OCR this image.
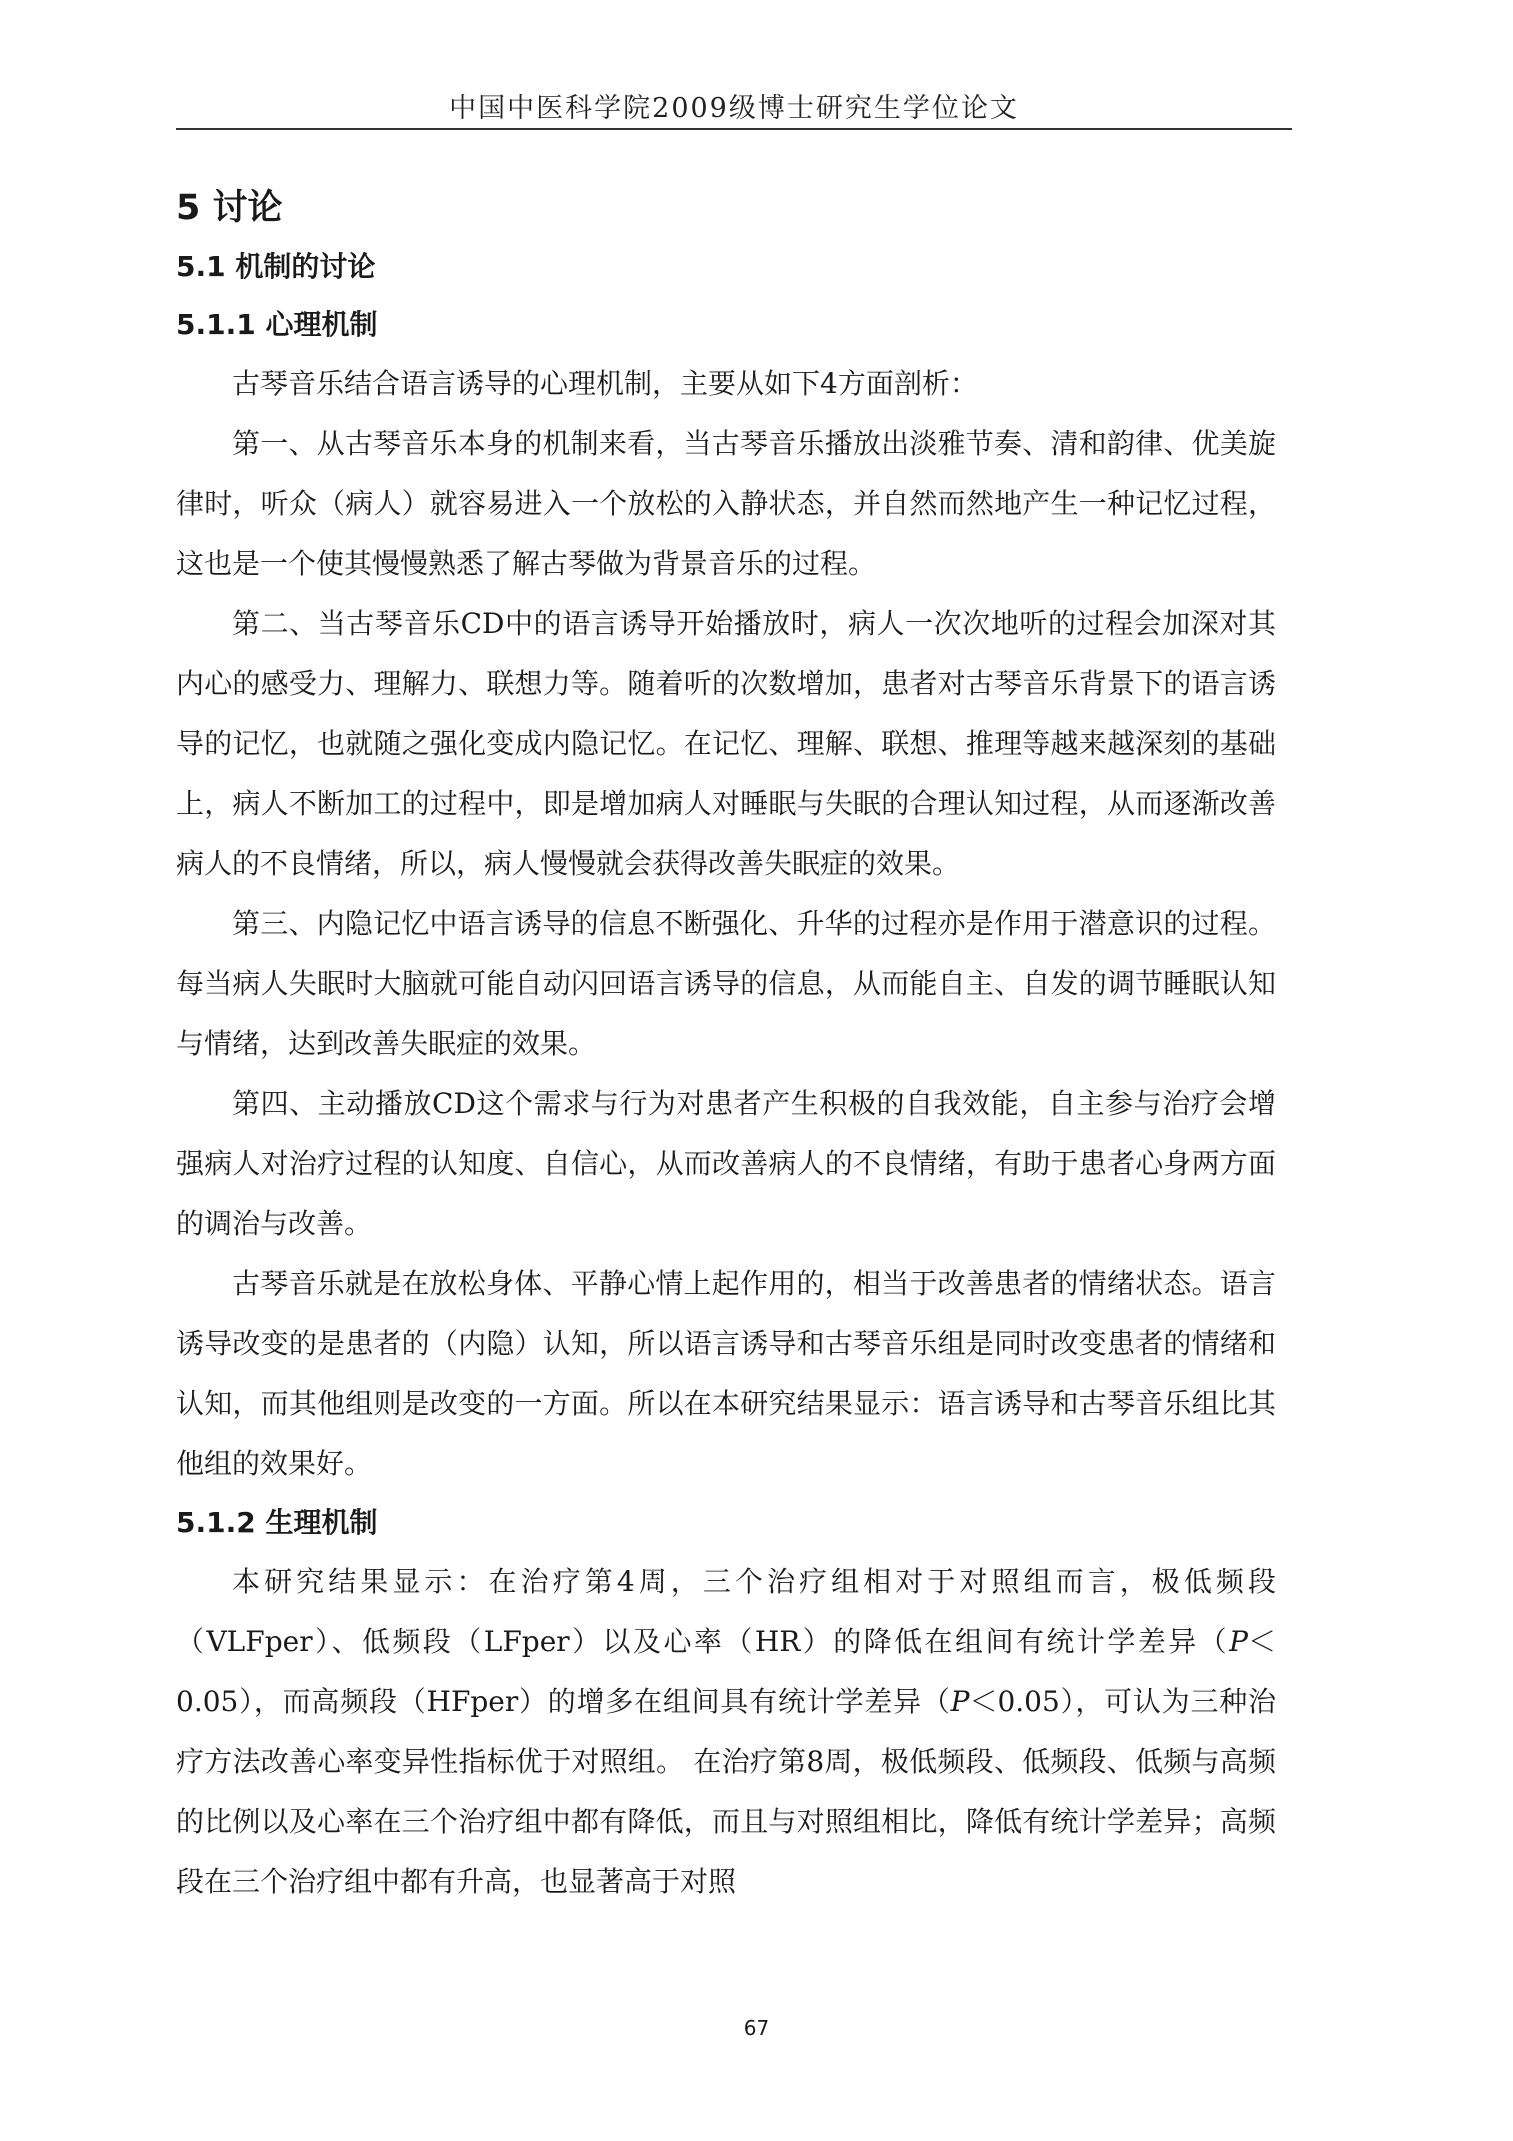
中国中医科学院2009级博士研究生学位论文
5 讨论
5.1 机制的讨论
5.1.1 心理机制

古琴音乐结合语言诱导的心理机制，主要从如下4方面剖析：

第一、从古琴音乐本身的机制来看，当古琴音乐播放出淡雅节奏、清和韵律、优美旋律时，听众（病人）就容易进入一个放松的入静状态，并自然而然地产生一种记忆过程，这也是一个使其慢慢熟悉了解古琴做为背景音乐的过程。

第二、当古琴音乐CD中的语言诱导开始播放时，病人一次次地听的过程会加深对其内心的感受力、理解力、联想力等。随着听的次数增加，患者对古琴音乐背景下的语言诱导的记忆，也就随之强化变成内隐记忆。在记忆、理解、联想、推理等越来越深刻的基础上，病人不断加工的过程中，即是增加病人对睡眠与失眠的合理认知过程，从而逐渐改善病人的不良情绪，所以，病人慢慢就会获得改善失眠症的效果。

第三、内隐记忆中语言诱导的信息不断强化、升华的过程亦是作用于潜意识的过程。每当病人失眠时大脑就可能自动闪回语言诱导的信息，从而能自主、自发的调节睡眠认知与情绪，达到改善失眠症的效果。

第四、主动播放CD这个需求与行为对患者产生积极的自我效能，自主参与治疗会增强病人对治疗过程的认知度、自信心，从而改善病人的不良情绪，有助于患者心身两方面的调治与改善。

古琴音乐就是在放松身体、平静心情上起作用的，相当于改善患者的情绪状态。语言诱导改变的是患者的（内隐）认知，所以语言诱导和古琴音乐组是同时改变患者的情绪和认知，而其他组则是改变的一方面。所以在本研究结果显示：语言诱导和古琴音乐组比其他组的效果好。

5.1.2 生理机制

本研究结果显示：在治疗第4周，三个治疗组相对于对照组而言，极低频段（VLFper）、低频段（LFper）以及心率（HR）的降低在组间有统计学差异（P＜0.05），而高频段（HFper）的增多在组间具有统计学差异（P＜0.05），可认为三种治疗方法改善心率变异性指标优于对照组。 在治疗第8周，极低频段、低频段、低频与高频的比例以及心率在三个治疗组中都有降低，而且与对照组相比，降低有统计学差异；高频段在三个治疗组中都有升高，也显著高于对照

67
